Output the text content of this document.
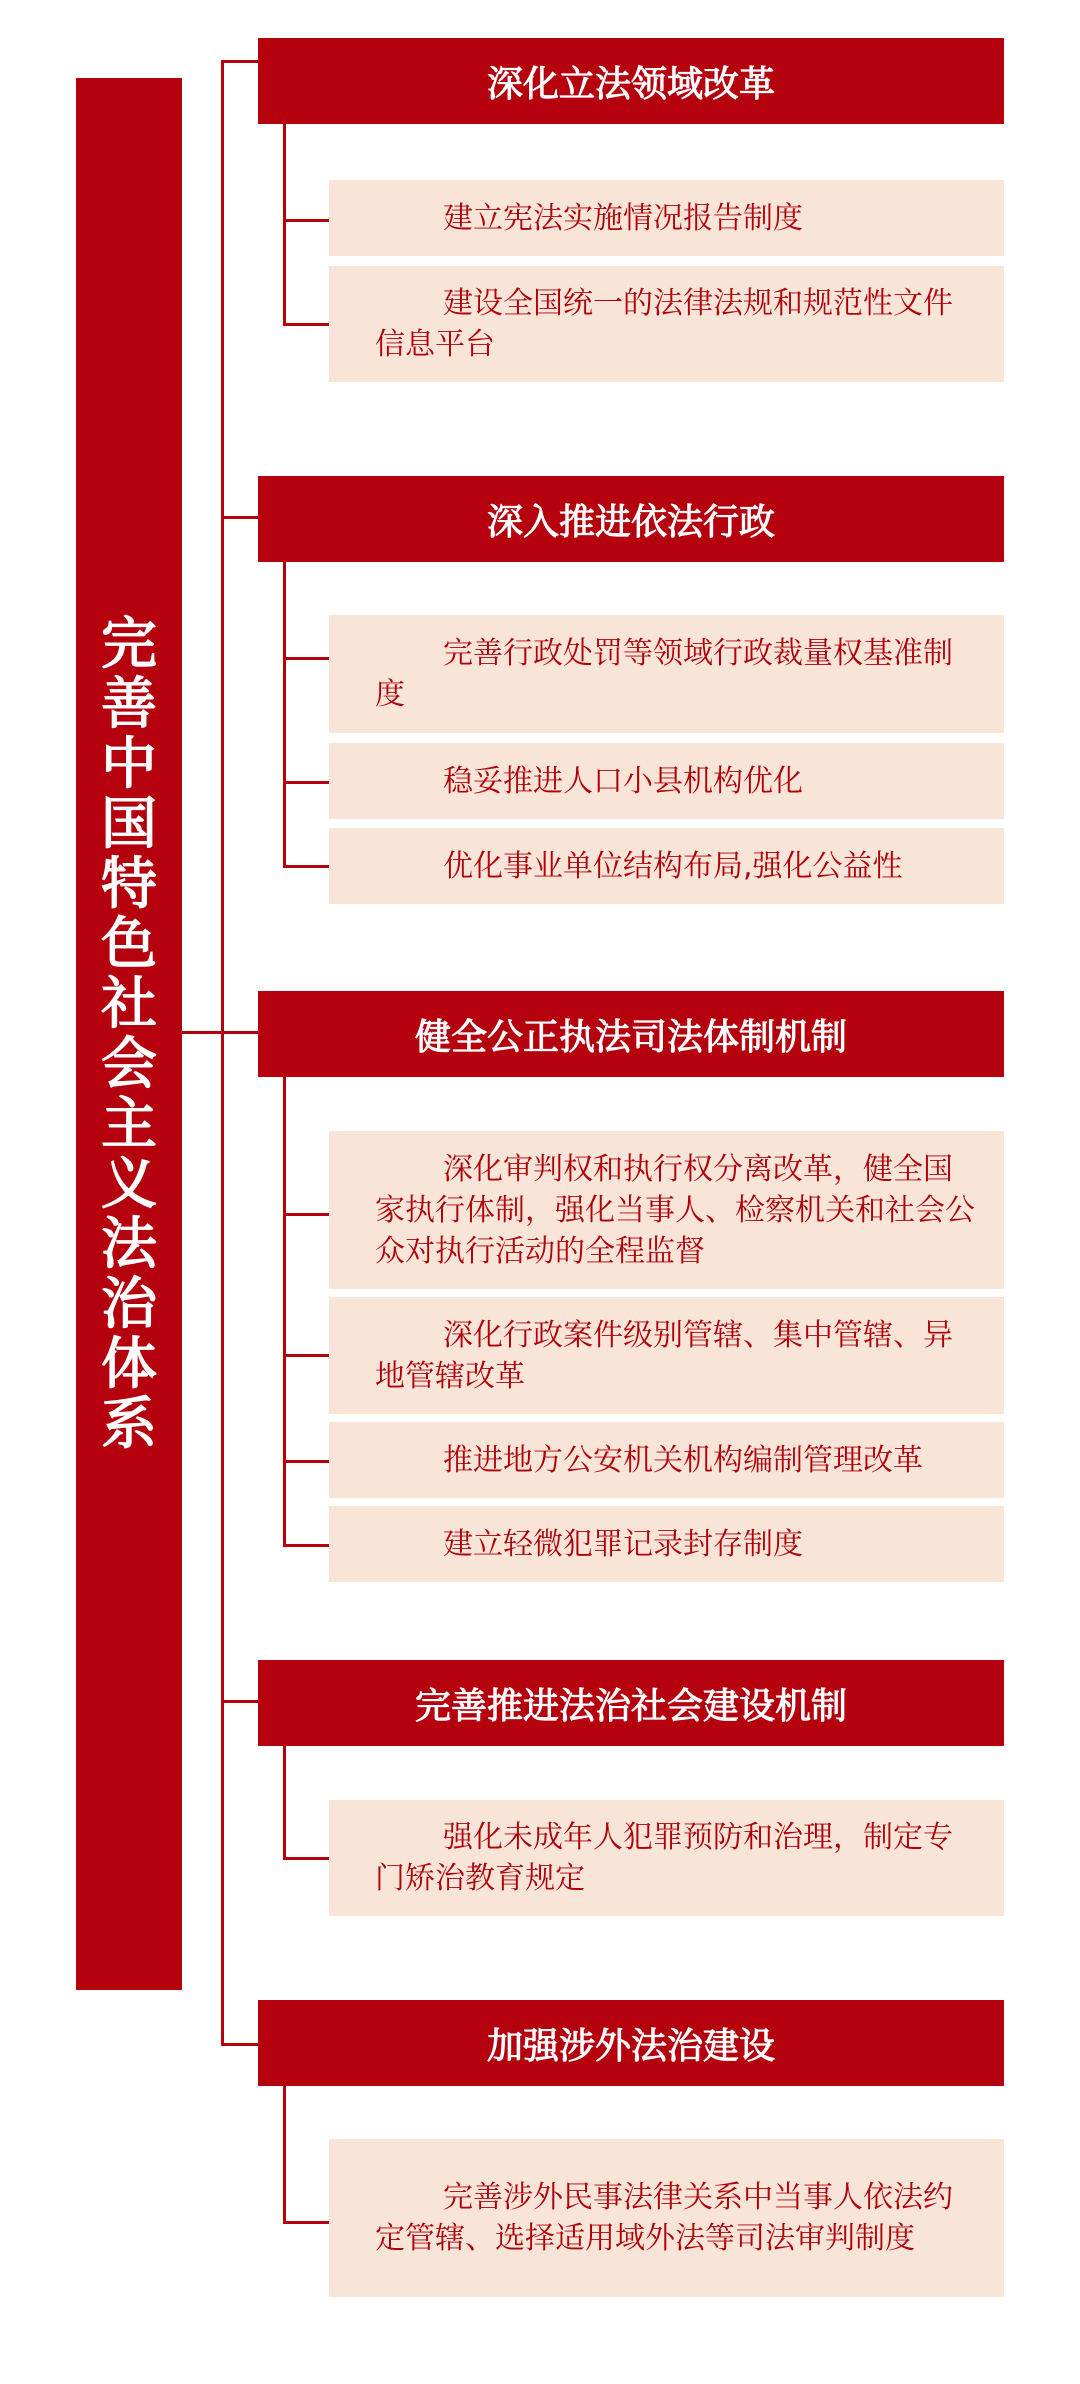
完善中国特色社会主义法治体系
深化立法领域改革
建立宪法实施情况报告制度
建设全国统一的法律法规和规范性文件信息平台
深入推进依法行政
完善行政处罚等领域行政裁量权基准制度
稳妥推进人口小县机构优化
优化事业单位结构布局,强化公益性
健全公正执法司法体制机制
深化审判权和执行权分离改革，健全国家执行体制，强化当事人、检察机关和社会公众对执行活动的全程监督
深化行政案件级别管辖、集中管辖、异地管辖改革
推进地方公安机关机构编制管理改革
建立轻微犯罪记录封存制度
完善推进法治社会建设机制
强化未成年人犯罪预防和治理，制定专门矫治教育规定
加强涉外法治建设
完善涉外民事法律关系中当事人依法约定管辖、选择适用域外法等司法审判制度
